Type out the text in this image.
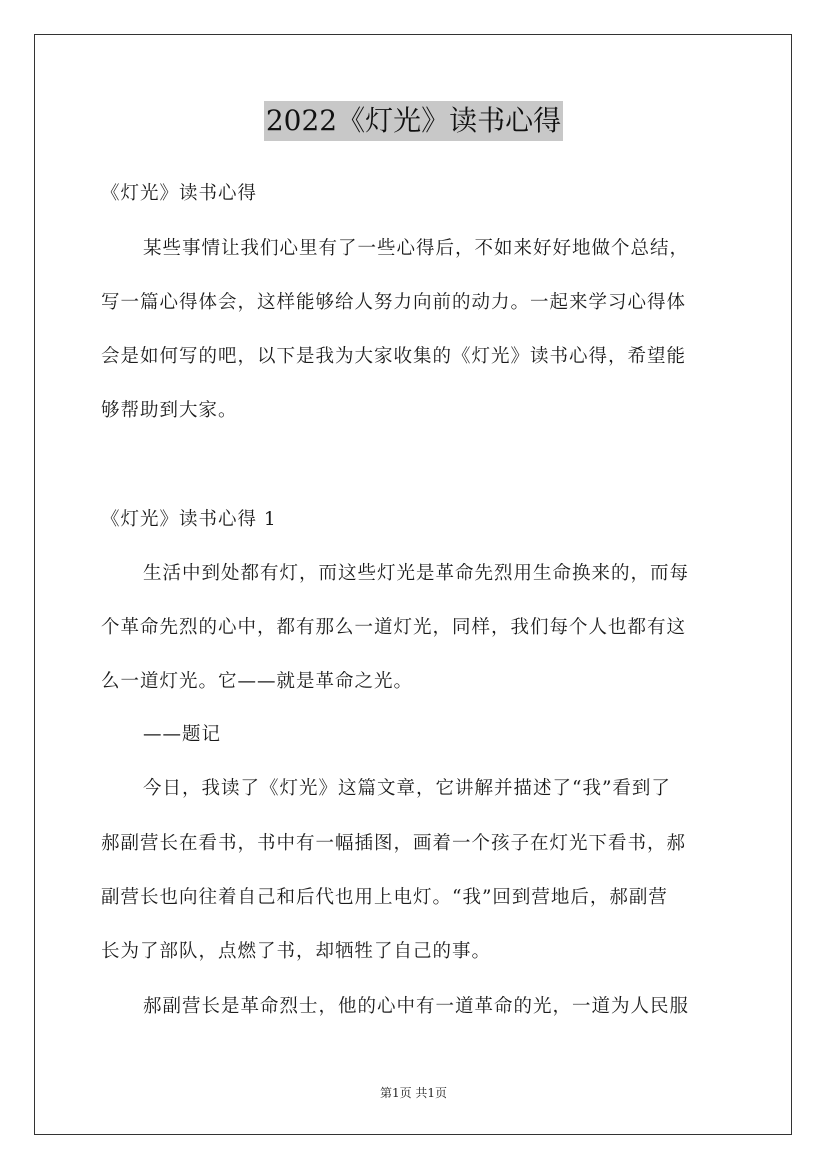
2022《灯光》读书心得
《灯光》读书心得
某些事情让我们心里有了一些心得后，不如来好好地做个总结，
写一篇心得体会，这样能够给人努力向前的动力。一起来学习心得体
会是如何写的吧，以下是我为大家收集的《灯光》读书心得，希望能
够帮助到大家。
《灯光》读书心得 1
生活中到处都有灯，而这些灯光是革命先烈用生命换来的，而每
个革命先烈的心中，都有那么一道灯光，同样，我们每个人也都有这
么一道灯光。它——就是革命之光。
——题记
今日，我读了《灯光》这篇文章，它讲解并描述了“我”看到了
郝副营长在看书，书中有一幅插图，画着一个孩子在灯光下看书，郝
副营长也向往着自己和后代也用上电灯。“我”回到营地后，郝副营
长为了部队，点燃了书，却牺牲了自己的事。
郝副营长是革命烈士，他的心中有一道革命的光，一道为人民服
第1页 共1页
